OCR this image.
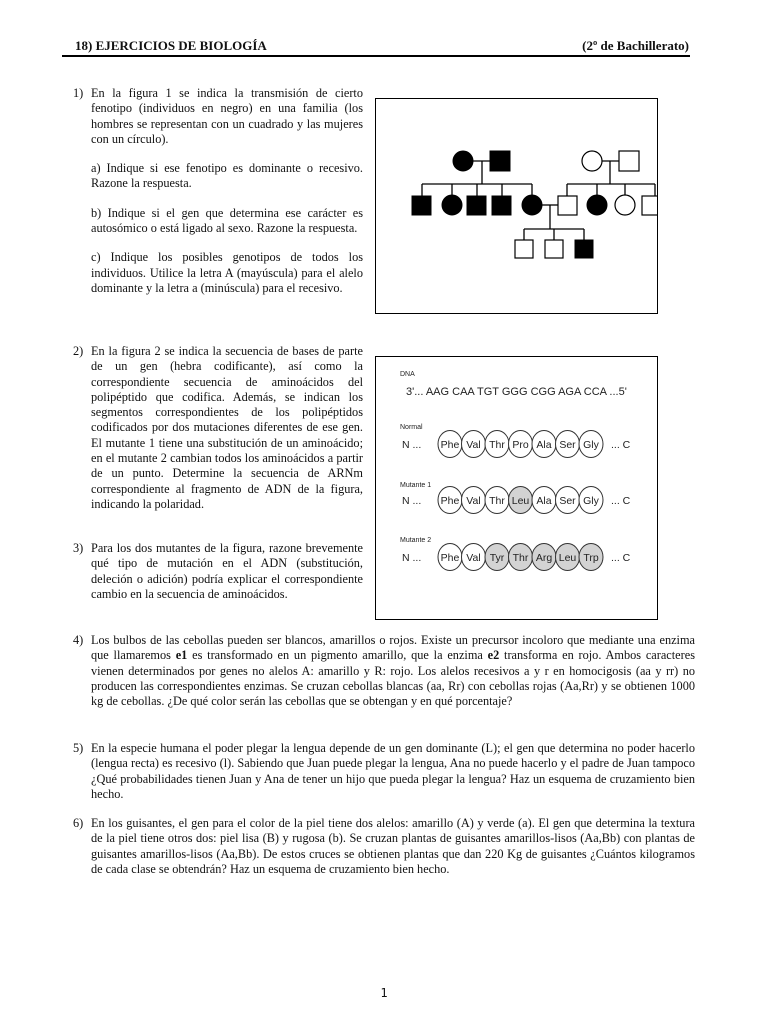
18) EJERCICIOS DE BIOLOGÍA	(2º de Bachillerato)
1) En la figura 1 se indica la transmisión de cierto fenotipo (individuos en negro) en una familia (los hombres se representan con un cuadrado y las mujeres con un círculo).

a) Indique si ese fenotipo es dominante o recesivo. Razone la respuesta.

b) Indique si el gen que determina ese carácter es autosómico o está ligado al sexo. Razone la respuesta.

c) Indique los posibles genotipos de todos los individuos. Utilice la letra A (mayúscula) para el alelo dominante y la letra a (minúscula) para el recesivo.

2) En la figura 2 se indica la secuencia de bases de parte de un gen (hebra codificante), así como la correspondiente secuencia de aminoácidos del polipéptido que codifica. Además, se indican los segmentos correspondientes de los polipéptidos codificados por dos mutaciones diferentes de ese gen. El mutante 1 tiene una substitución de un aminoácido; en el mutante 2 cambian todos los aminoácidos a partir de un punto. Determine la secuencia de ARNm correspondiente al fragmento de ADN de la figura, indicando la polaridad.

3) Para los dos mutantes de la figura, razone brevemente qué tipo de mutación en el ADN (substitución, deleción o adición) podría explicar el correspondiente cambio en la secuencia de aminoácidos.

DNA
3'... AAG CAA TGT GGG CGG AGA CCA ...5'
Normal
N ... Phe Val Thr Pro Ala Ser Gly ... C
Mutante 1
N ... Phe Val Thr Leu Ala Ser Gly ... C
Mutante 2
N ... Phe Val Tyr Thr Arg Leu Trp ... C
4) Los bulbos de las cebollas pueden ser blancos, amarillos o rojos. Existe un precursor incoloro que mediante una enzima que llamaremos e1 es transformado en un pigmento amarillo, que la enzima e2 transforma en rojo. Ambos caracteres vienen determinados por genes no alelos A: amarillo y R: rojo. Los alelos recesivos a y r en homocigosis (aa y rr) no producen las correspondientes enzimas. Se cruzan cebollas blancas (aa, Rr) con cebollas rojas (Aa,Rr) y se obtienen 1000 kg de cebollas. ¿De qué color serán las cebollas que se obtengan y en qué porcentaje?

5) En la especie humana el poder plegar la lengua depende de un gen dominante (L); el gen que determina no poder hacerlo (lengua recta) es recesivo (l). Sabiendo que Juan puede plegar la lengua, Ana no puede hacerlo y el padre de Juan tampoco ¿Qué probabilidades tienen Juan y Ana de tener un hijo que pueda plegar la lengua? Haz un esquema de cruzamiento bien hecho.

6) En los guisantes, el gen para el color de la piel tiene dos alelos: amarillo (A) y verde (a). El gen que determina la textura de la piel tiene otros dos: piel lisa (B) y rugosa (b). Se cruzan plantas de guisantes amarillos-lisos (Aa,Bb) con plantas de guisantes amarillos-lisos (Aa,Bb). De estos cruces se obtienen plantas que dan 220 Kg de guisantes ¿Cuántos kilogramos de cada clase se obtendrán? Haz un esquema de cruzamiento bien hecho.

1
